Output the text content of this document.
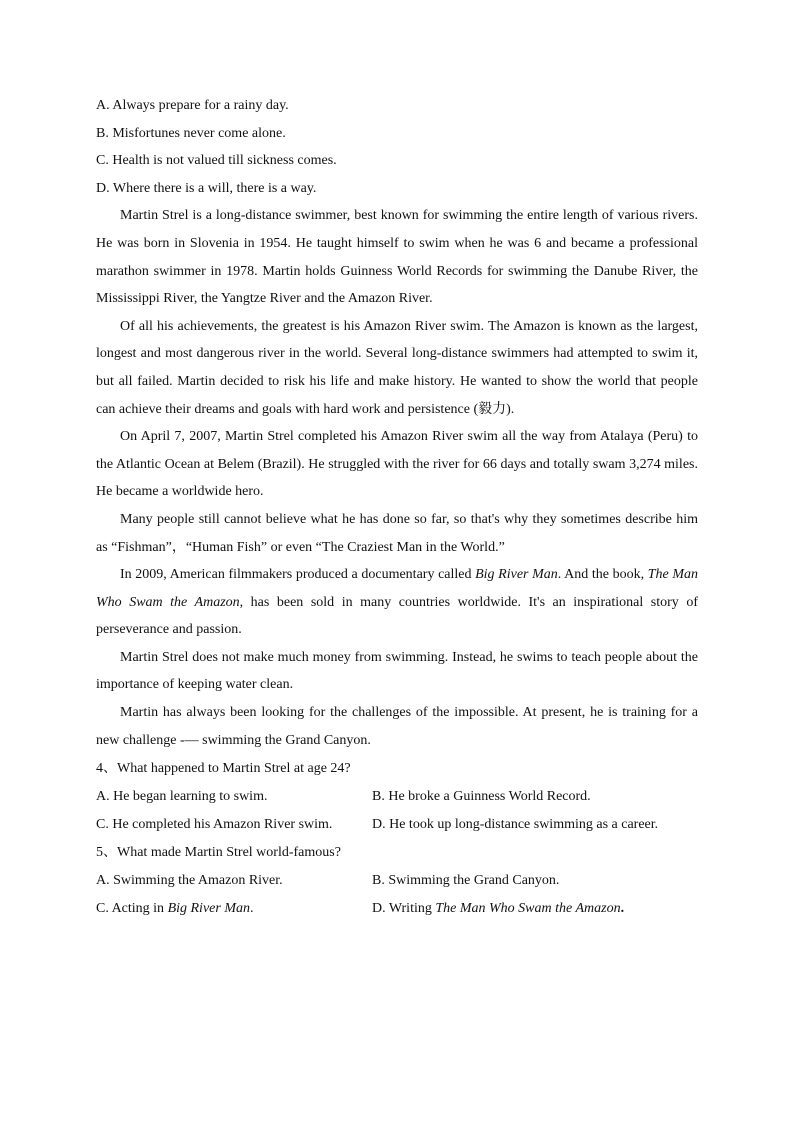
A. Always prepare for a rainy day.

B. Misfortunes never come alone.

C. Health is not valued till sickness comes.

D. Where there is a will, there is a way.

Martin Strel is a long-distance swimmer, best known for swimming the entire length of various rivers. He was born in Slovenia in 1954. He taught himself to swim when he was 6 and became a professional marathon swimmer in 1978. Martin holds Guinness World Records for swimming the Danube River, the Mississippi River, the Yangtze River and the Amazon River.

Of all his achievements, the greatest is his Amazon River swim. The Amazon is known as the largest, longest and most dangerous river in the world. Several long-distance swimmers had attempted to swim it, but all failed. Martin decided to risk his life and make history. He wanted to show the world that people can achieve their dreams and goals with hard work and persistence (毅力).

On April 7, 2007, Martin Strel completed his Amazon River swim all the way from Atalaya (Peru) to the Atlantic Ocean at Belem (Brazil). He struggled with the river for 66 days and totally swam 3,274 miles. He became a worldwide hero.

Many people still cannot believe what he has done so far, so that's why they sometimes describe him as “Fishman”，“Human Fish” or even “The Craziest Man in the World.”

In 2009, American filmmakers produced a documentary called Big River Man. And the book, The Man Who Swam the Amazon, has been sold in many countries worldwide. It's an inspirational story of perseverance and passion.

Martin Strel does not make much money from swimming. Instead, he swims to teach people about the importance of keeping water clean.

Martin has always been looking for the challenges of the impossible. At present, he is training for a new challenge -— swimming the Grand Canyon.

4、What happened to Martin Strel at age 24?

A. He began learning to swim.	B. He broke a Guinness World Record.
C. He completed his Amazon River swim.	D. He took up long-distance swimming as a career.

5、What made Martin Strel world-famous?

A. Swimming the Amazon River.	B. Swimming the Grand Canyon.
C. Acting in Big River Man.	D. Writing The Man Who Swam the Amazon.
